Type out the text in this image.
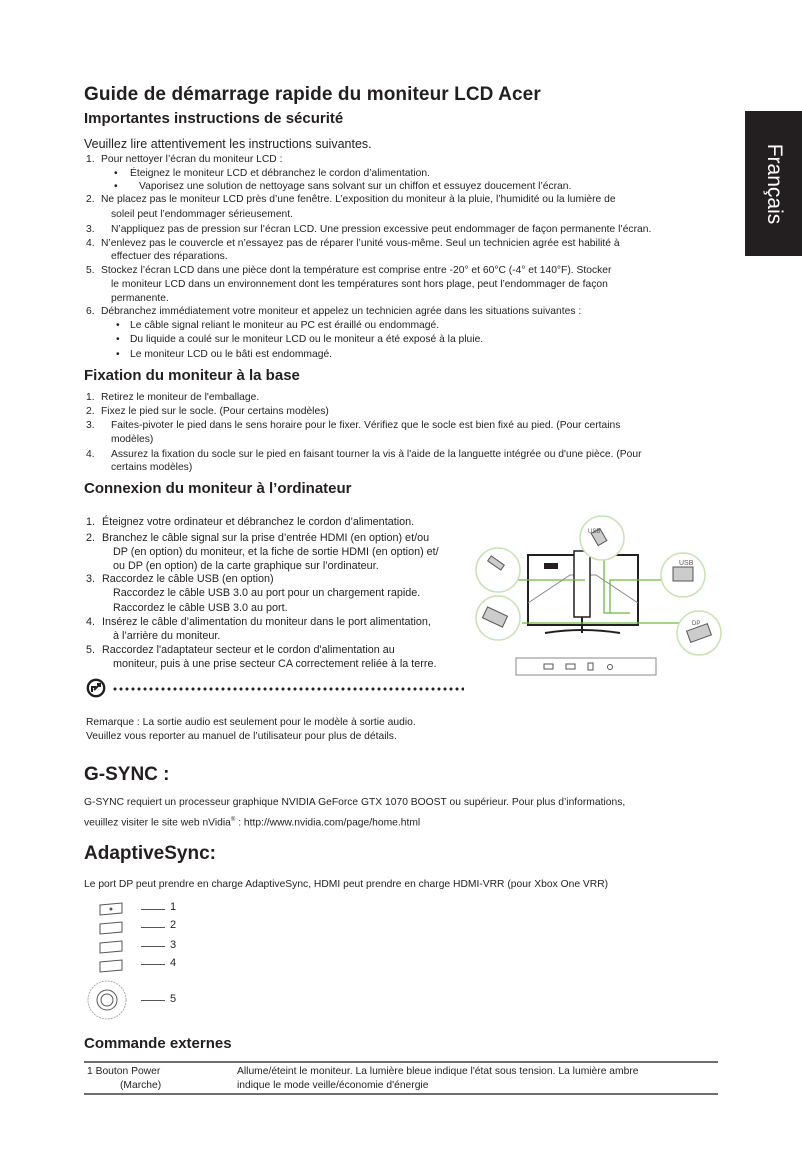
Français
Guide de démarrage rapide du moniteur LCD Acer
Importantes instructions de sécurité
Veuillez lire attentivement les instructions suivantes.
1. Pour nettoyer l’écran du moniteur LCD :
• Éteignez le moniteur LCD et débranchez le cordon d’alimentation.
• Vaporisez une solution de nettoyage sans solvant sur un chiffon et essuyez doucement l’écran.
2. Ne placez pas le moniteur LCD près d’une fenêtre. L’exposition du moniteur à la pluie, l’humidité ou la lumière de
soleil peut l’endommager sérieusement.
3. N’appliquez pas de pression sur l’écran LCD. Une pression excessive peut endommager de façon permanente l’écran.
4. N’enlevez pas le couvercle et n’essayez pas de réparer l’unité vous-même. Seul un technicien agrée est habilité à
effectuer des réparations.
5. Stockez l’écran LCD dans une pièce dont la température est comprise entre -20° et 60°C (-4° et 140°F). Stocker
le moniteur LCD dans un environnement dont les températures sont hors plage, peut l’endommager de façon
permanente.
6. Débranchez immédiatement votre moniteur et appelez un technicien agrée dans les situations suivantes :
• Le câble signal reliant le moniteur au PC est éraillé ou endommagé.
• Du liquide a coulé sur le moniteur LCD ou le moniteur a été exposé à la pluie.
• Le moniteur LCD ou le bâti est endommagé.
Fixation du moniteur à la base
1. Retirez le moniteur de l'emballage.
2. Fixez le pied sur le socle. (Pour certains modèles)
3. Faites-pivoter le pied dans le sens horaire pour le fixer. Vérifiez que le socle est bien fixé au pied. (Pour certains
modèles)
4. Assurez la fixation du socle sur le pied en faisant tourner la vis à l'aide de la languette intégrée ou d'une pièce. (Pour
certains modèles)
Connexion du moniteur à l’ordinateur
1. Éteignez votre ordinateur et débranchez le cordon d’alimentation.
2. Branchez le câble signal sur la prise d’entrée HDMI (en option) et/ou
DP (en option) du moniteur, et la fiche de sortie HDMI (en option) et/
ou DP (en option) de la carte graphique sur l’ordinateur.
3. Raccordez le câble USB (en option)
Raccordez le câble USB 3.0 au port pour un chargement rapide.
Raccordez le câble USB 3.0 au port.
4. Insérez le câble d’alimentation du moniteur dans le port alimentation,
à l’arrière du moniteur.
5. Raccordez l'adaptateur secteur et le cordon d'alimentation au
moniteur, puis à une prise secteur CA correctement reliée à la terre.
USB
USB
DP
Remarque : La sortie audio est seulement pour le modèle à sortie audio.
Veuillez vous reporter au manuel de l’utilisateur pour plus de détails.
G-SYNC :
G-SYNC requiert un processeur graphique NVIDIA GeForce GTX 1070 BOOST ou supérieur. Pour plus d’informations,
veuillez visiter le site web nVidia® : http://www.nvidia.com/page/home.html
AdaptiveSync:
Le port DP peut prendre en charge AdaptiveSync, HDMI peut prendre en charge HDMI-VRR (pour Xbox One VRR)
1
2
3
4
5
Commande externes
1 Bouton Power
(Marche)
Allume/éteint le moniteur. La lumière bleue indique l'état sous tension. La lumière ambre
indique le mode veille/économie d'énergie
